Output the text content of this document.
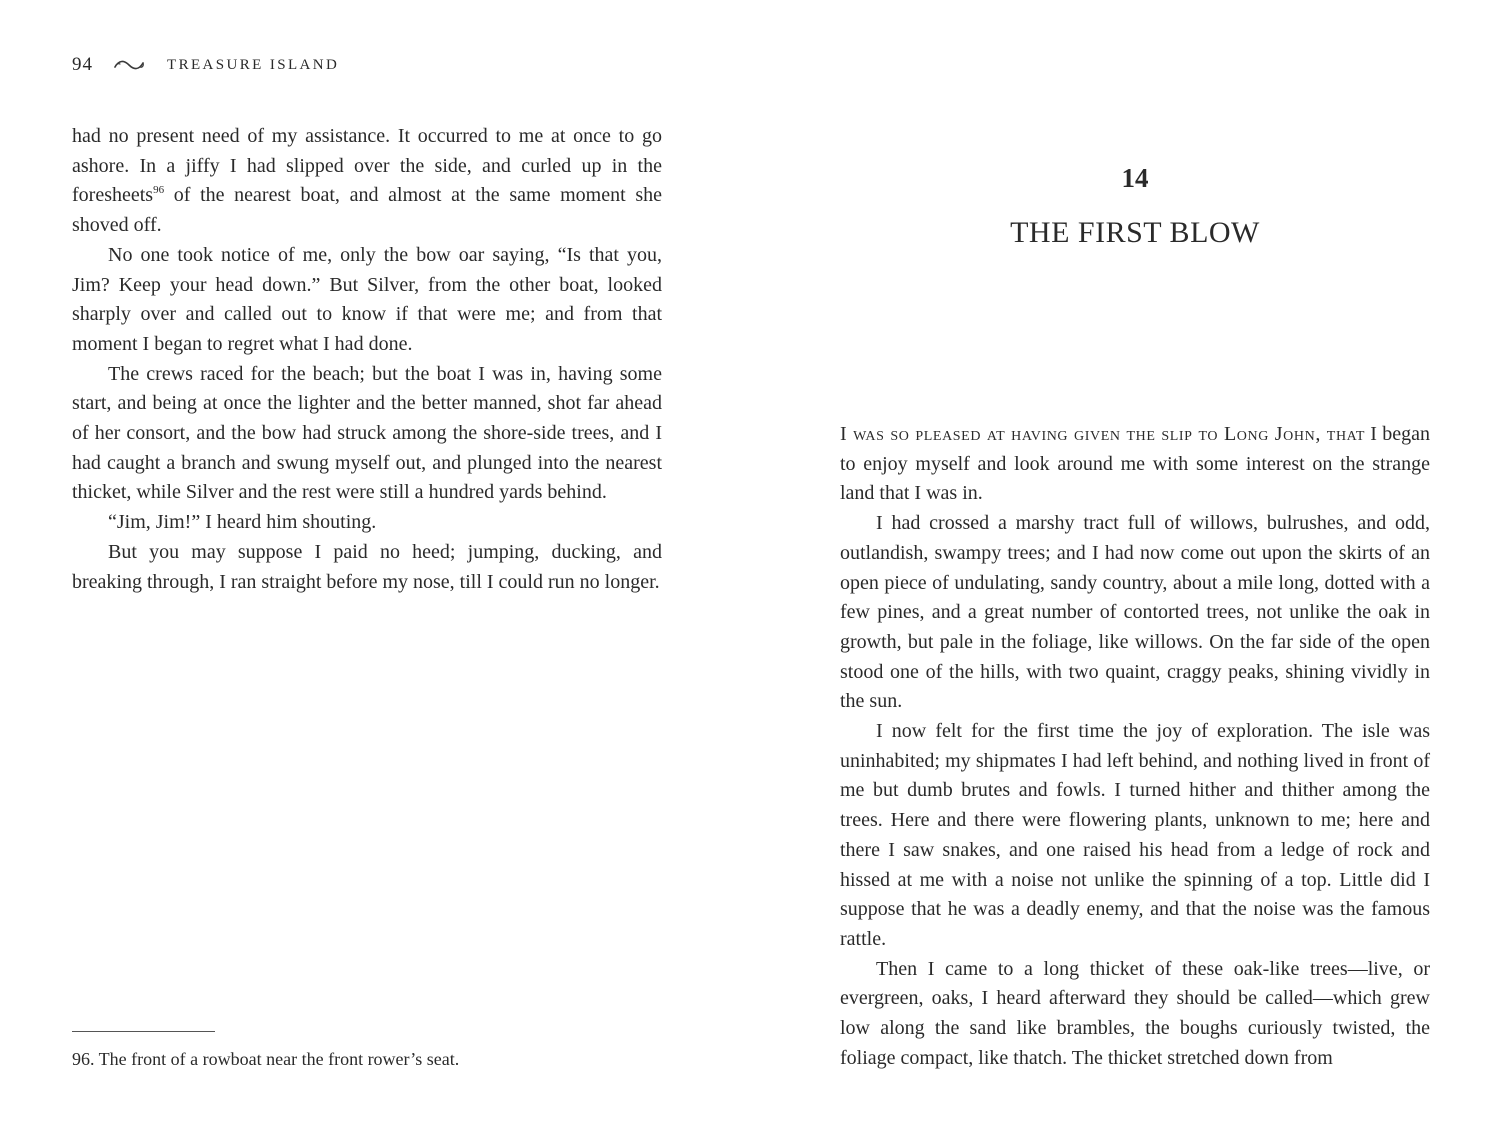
94	TREASURE ISLAND

had no present need of my assistance. It occurred to me at once to go ashore. In a jiffy I had slipped over the side, and curled up in the foresheets$^{96}$ of the nearest boat, and almost at the same moment she shoved off.

No one took notice of me, only the bow oar saying, “Is that you, Jim? Keep your head down.” But Silver, from the other boat, looked sharply over and called out to know if that were me; and from that moment I began to regret what I had done.

The crews raced for the beach; but the boat I was in, having some start, and being at once the lighter and the better manned, shot far ahead of her consort, and the bow had struck among the shore-side trees, and I had caught a branch and swung myself out, and plunged into the nearest thicket, while Silver and the rest were still a hundred yards behind.

“Jim, Jim!” I heard him shouting.

But you may suppose I paid no heed; jumping, ducking, and breaking through, I ran straight before my nose, till I could run no longer.

96. The front of a rowboat near the front rower’s seat.
14
THE FIRST BLOW

I was so pleased at having given the slip to Long John, that I began to enjoy myself and look around me with some interest on the strange land that I was in.

I had crossed a marshy tract full of willows, bulrushes, and odd, outlandish, swampy trees; and I had now come out upon the skirts of an open piece of undulating, sandy country, about a mile long, dotted with a few pines, and a great number of contorted trees, not unlike the oak in growth, but pale in the foliage, like willows. On the far side of the open stood one of the hills, with two quaint, craggy peaks, shining vividly in the sun.

I now felt for the first time the joy of exploration. The isle was uninhabited; my shipmates I had left behind, and nothing lived in front of me but dumb brutes and fowls. I turned hither and thither among the trees. Here and there were flowering plants, unknown to me; here and there I saw snakes, and one raised his head from a ledge of rock and hissed at me with a noise not unlike the spinning of a top. Little did I suppose that he was a deadly enemy, and that the noise was the famous rattle.

Then I came to a long thicket of these oak-like trees—live, or evergreen, oaks, I heard afterward they should be called—which grew low along the sand like brambles, the boughs curiously twisted, the foliage compact, like thatch. The thicket stretched down from
